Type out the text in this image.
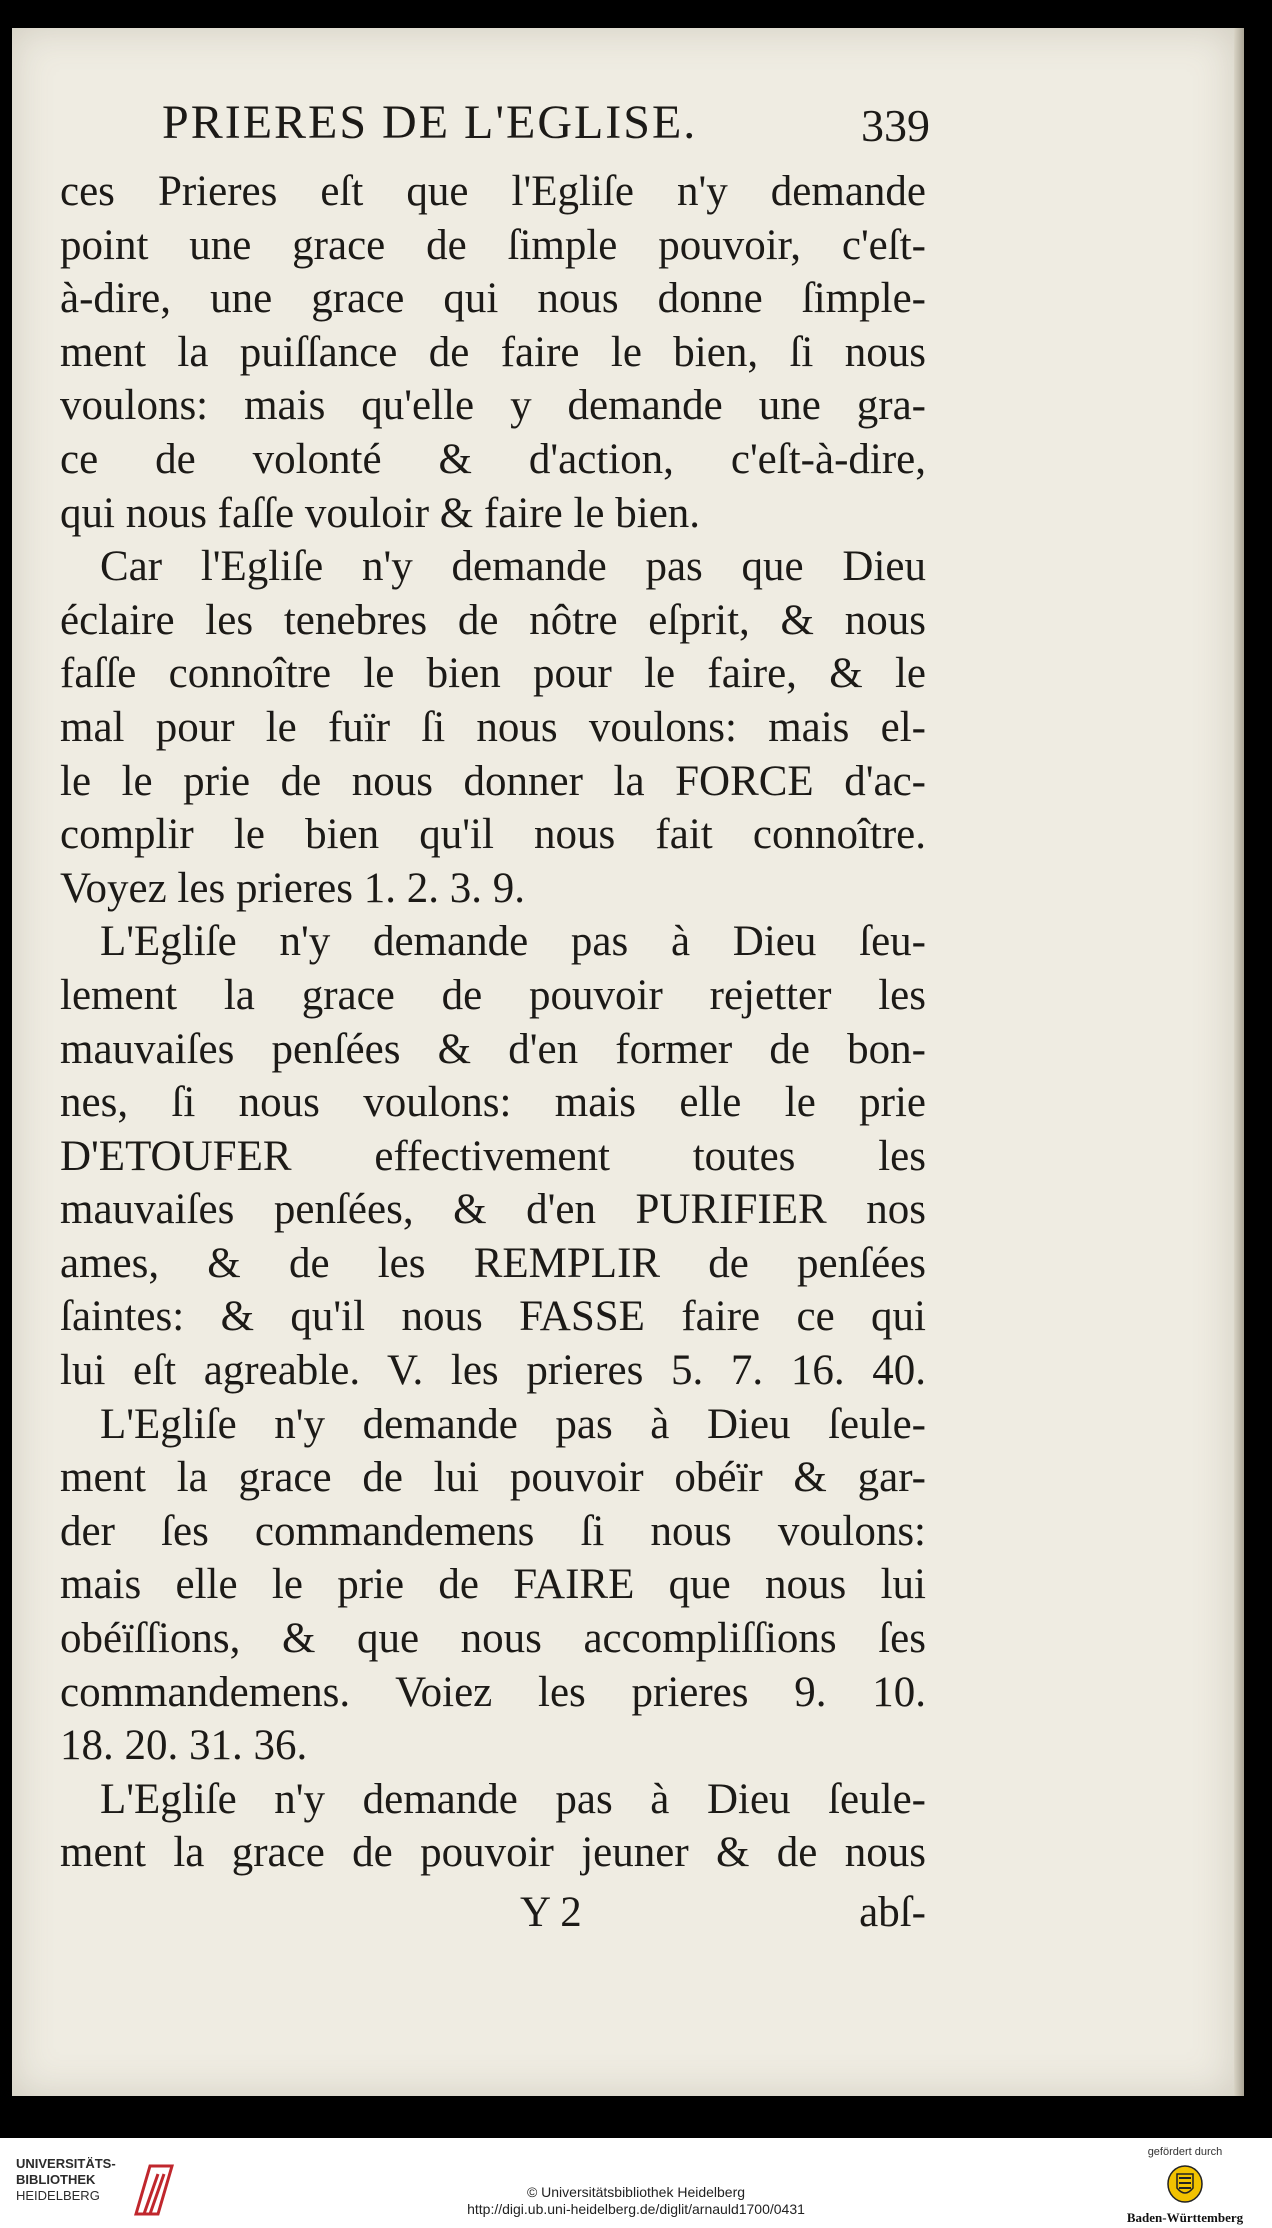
PRIERES DE L'EGLISE.	339
ces Prieres eſt que l'Egliſe n'y demande
point une grace de ſimple pouvoir, c'eſt-
à-dire, une grace qui nous donne ſimple-
ment la puiſſance de faire le bien, ſi nous
voulons: mais qu'elle y demande une gra-
ce de volonté & d'action, c'eſt-à-dire,
qui nous faſſe vouloir & faire le bien.
Car l'Egliſe n'y demande pas que Dieu
éclaire les tenebres de nôtre eſprit, & nous
faſſe connoître le bien pour le faire, & le
mal pour le fuïr ſi nous voulons: mais el-
le le prie de nous donner la FORCE d'ac-
complir le bien qu'il nous fait connoître.
Voyez les prieres 1. 2. 3. 9.
L'Egliſe n'y demande pas à Dieu ſeu-
lement la grace de pouvoir rejetter les
mauvaiſes penſées & d'en former de bon-
nes, ſi nous voulons: mais elle le prie
D'ETOUFER effectivement toutes les
mauvaiſes penſées, & d'en PURIFIER nos
ames, & de les REMPLIR de penſées
ſaintes: & qu'il nous FASSE faire ce qui
lui eſt agreable. V. les prieres 5. 7. 16. 40.
L'Egliſe n'y demande pas à Dieu ſeule-
ment la grace de lui pouvoir obéïr & gar-
der ſes commandemens ſi nous voulons:
mais elle le prie de FAIRE que nous lui
obéïſſions, & que nous accompliſſions ſes
commandemens. Voiez les prieres 9. 10.
18. 20. 31. 36.
L'Egliſe n'y demande pas à Dieu ſeule-
ment la grace de pouvoir jeuner & de nous
Y 2	abſ-
UNIVERSITÄTS-
BIBLIOTHEK
HEIDELBERG	© Universitätsbibliothek Heidelberg
http://digi.ub.uni-heidelberg.de/diglit/arnauld1700/0431
gefördert durch
Baden-Württemberg
